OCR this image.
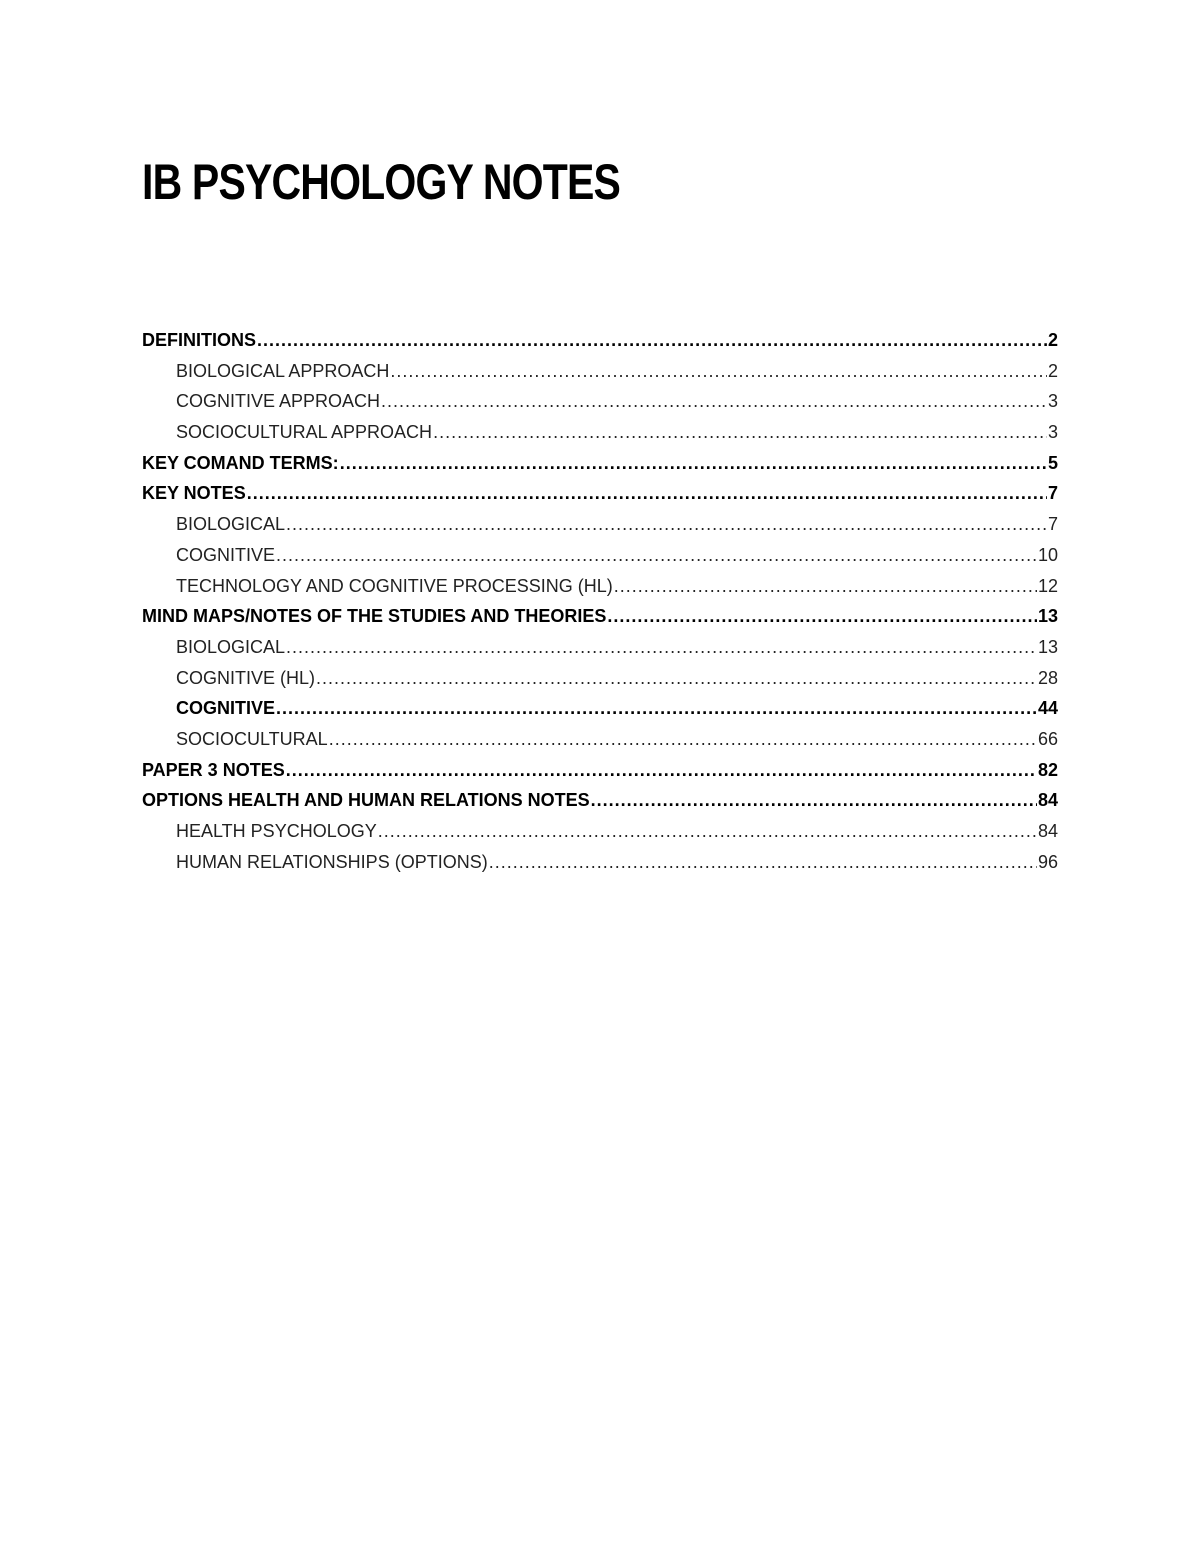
IB PSYCHOLOGY NOTES
DEFINITIONS .....	2
BIOLOGICAL APPROACH .....	2
COGNITIVE APPROACH .....	3
SOCIOCULTURAL APPROACH .....	3
KEY COMAND TERMS: .....	5
KEY NOTES .....	7
BIOLOGICAL .....	7
COGNITIVE .....	10
TECHNOLOGY AND COGNITIVE PROCESSING (HL) .....	12
MIND MAPS/NOTES OF THE STUDIES AND THEORIES .....	13
BIOLOGICAL .....	13
COGNITIVE (HL) .....	28
COGNITIVE .....	44
SOCIOCULTURAL .....	66
PAPER 3 NOTES .....	82
OPTIONS HEALTH AND HUMAN RELATIONS NOTES .....	84
HEALTH PSYCHOLOGY .....	84
HUMAN RELATIONSHIPS (OPTIONS) .....	96
